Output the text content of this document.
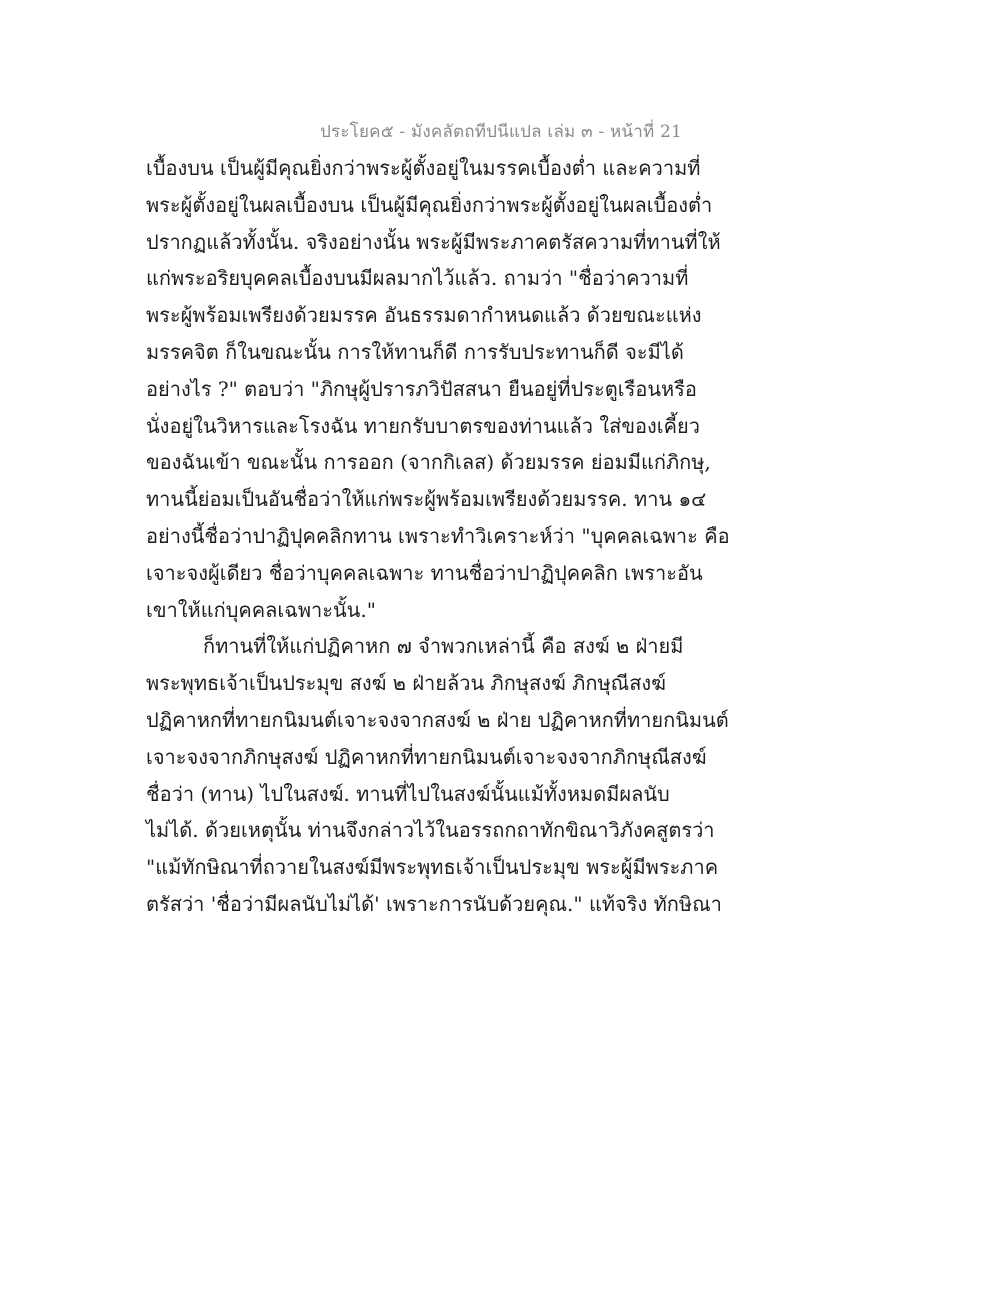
ประโยค๕ - มังคลัตถทีปนีแปล เล่ม ๓ - หน้าที่ 21
เบื้องบน เป็นผู้มีคุณยิ่งกว่าพระผู้ตั้งอยู่ในมรรคเบื้องต่ำ และความที่
พระผู้ตั้งอยู่ในผลเบื้องบน เป็นผู้มีคุณยิ่งกว่าพระผู้ตั้งอยู่ในผลเบื้องต่ำ
ปรากฏแล้วทั้งนั้น. จริงอย่างนั้น พระผู้มีพระภาคตรัสความที่ทานที่ให้
แก่พระอริยบุคคลเบื้องบนมีผลมากไว้แล้ว. ถามว่า "ชื่อว่าความที่
พระผู้พร้อมเพรียงด้วยมรรค อันธรรมดากำหนดแล้ว ด้วยขณะแห่ง
มรรคจิต ก็ในขณะนั้น การให้ทานก็ดี การรับประทานก็ดี จะมีได้
อย่างไร ?" ตอบว่า "ภิกษุผู้ปรารภวิปัสสนา ยืนอยู่ที่ประตูเรือนหรือ
นั่งอยู่ในวิหารและโรงฉัน ทายกรับบาตรของท่านแล้ว ใส่ของเคี้ยว
ของฉันเข้า ขณะนั้น การออก (จากกิเลส) ด้วยมรรค ย่อมมีแก่ภิกษุ,
ทานนี้ย่อมเป็นอันชื่อว่าให้แก่พระผู้พร้อมเพรียงด้วยมรรค. ทาน ๑๔
อย่างนี้ชื่อว่าปาฏิปุคคลิกทาน เพราะทำวิเคราะห์ว่า "บุคคลเฉพาะ คือ
เจาะจงผู้เดียว ชื่อว่าบุคคลเฉพาะ ทานชื่อว่าปาฏิปุคคลิก เพราะอัน
เขาให้แก่บุคคลเฉพาะนั้น."
ก็ทานที่ให้แก่ปฏิคาหก ๗ จำพวกเหล่านี้ คือ สงฆ์ ๒ ฝ่ายมี
พระพุทธเจ้าเป็นประมุข สงฆ์ ๒ ฝ่ายล้วน ภิกษุสงฆ์ ภิกษุณีสงฆ์
ปฏิคาหกที่ทายกนิมนต์เจาะจงจากสงฆ์ ๒ ฝ่าย ปฏิคาหกที่ทายกนิมนต์
เจาะจงจากภิกษุสงฆ์ ปฏิคาหกที่ทายกนิมนต์เจาะจงจากภิกษุณีสงฆ์
ชื่อว่า (ทาน) ไปในสงฆ์. ทานที่ไปในสงฆ์นั้นแม้ทั้งหมดมีผลนับ
ไม่ได้. ด้วยเหตุนั้น ท่านจึงกล่าวไว้ในอรรถกถาทักขิณาวิภังคสูตรว่า
"แม้ทักษิณาที่ถวายในสงฆ์มีพระพุทธเจ้าเป็นประมุข พระผู้มีพระภาค
ตรัสว่า 'ชื่อว่ามีผลนับไม่ได้' เพราะการนับด้วยคุณ." แท้จริง ทักษิณา
